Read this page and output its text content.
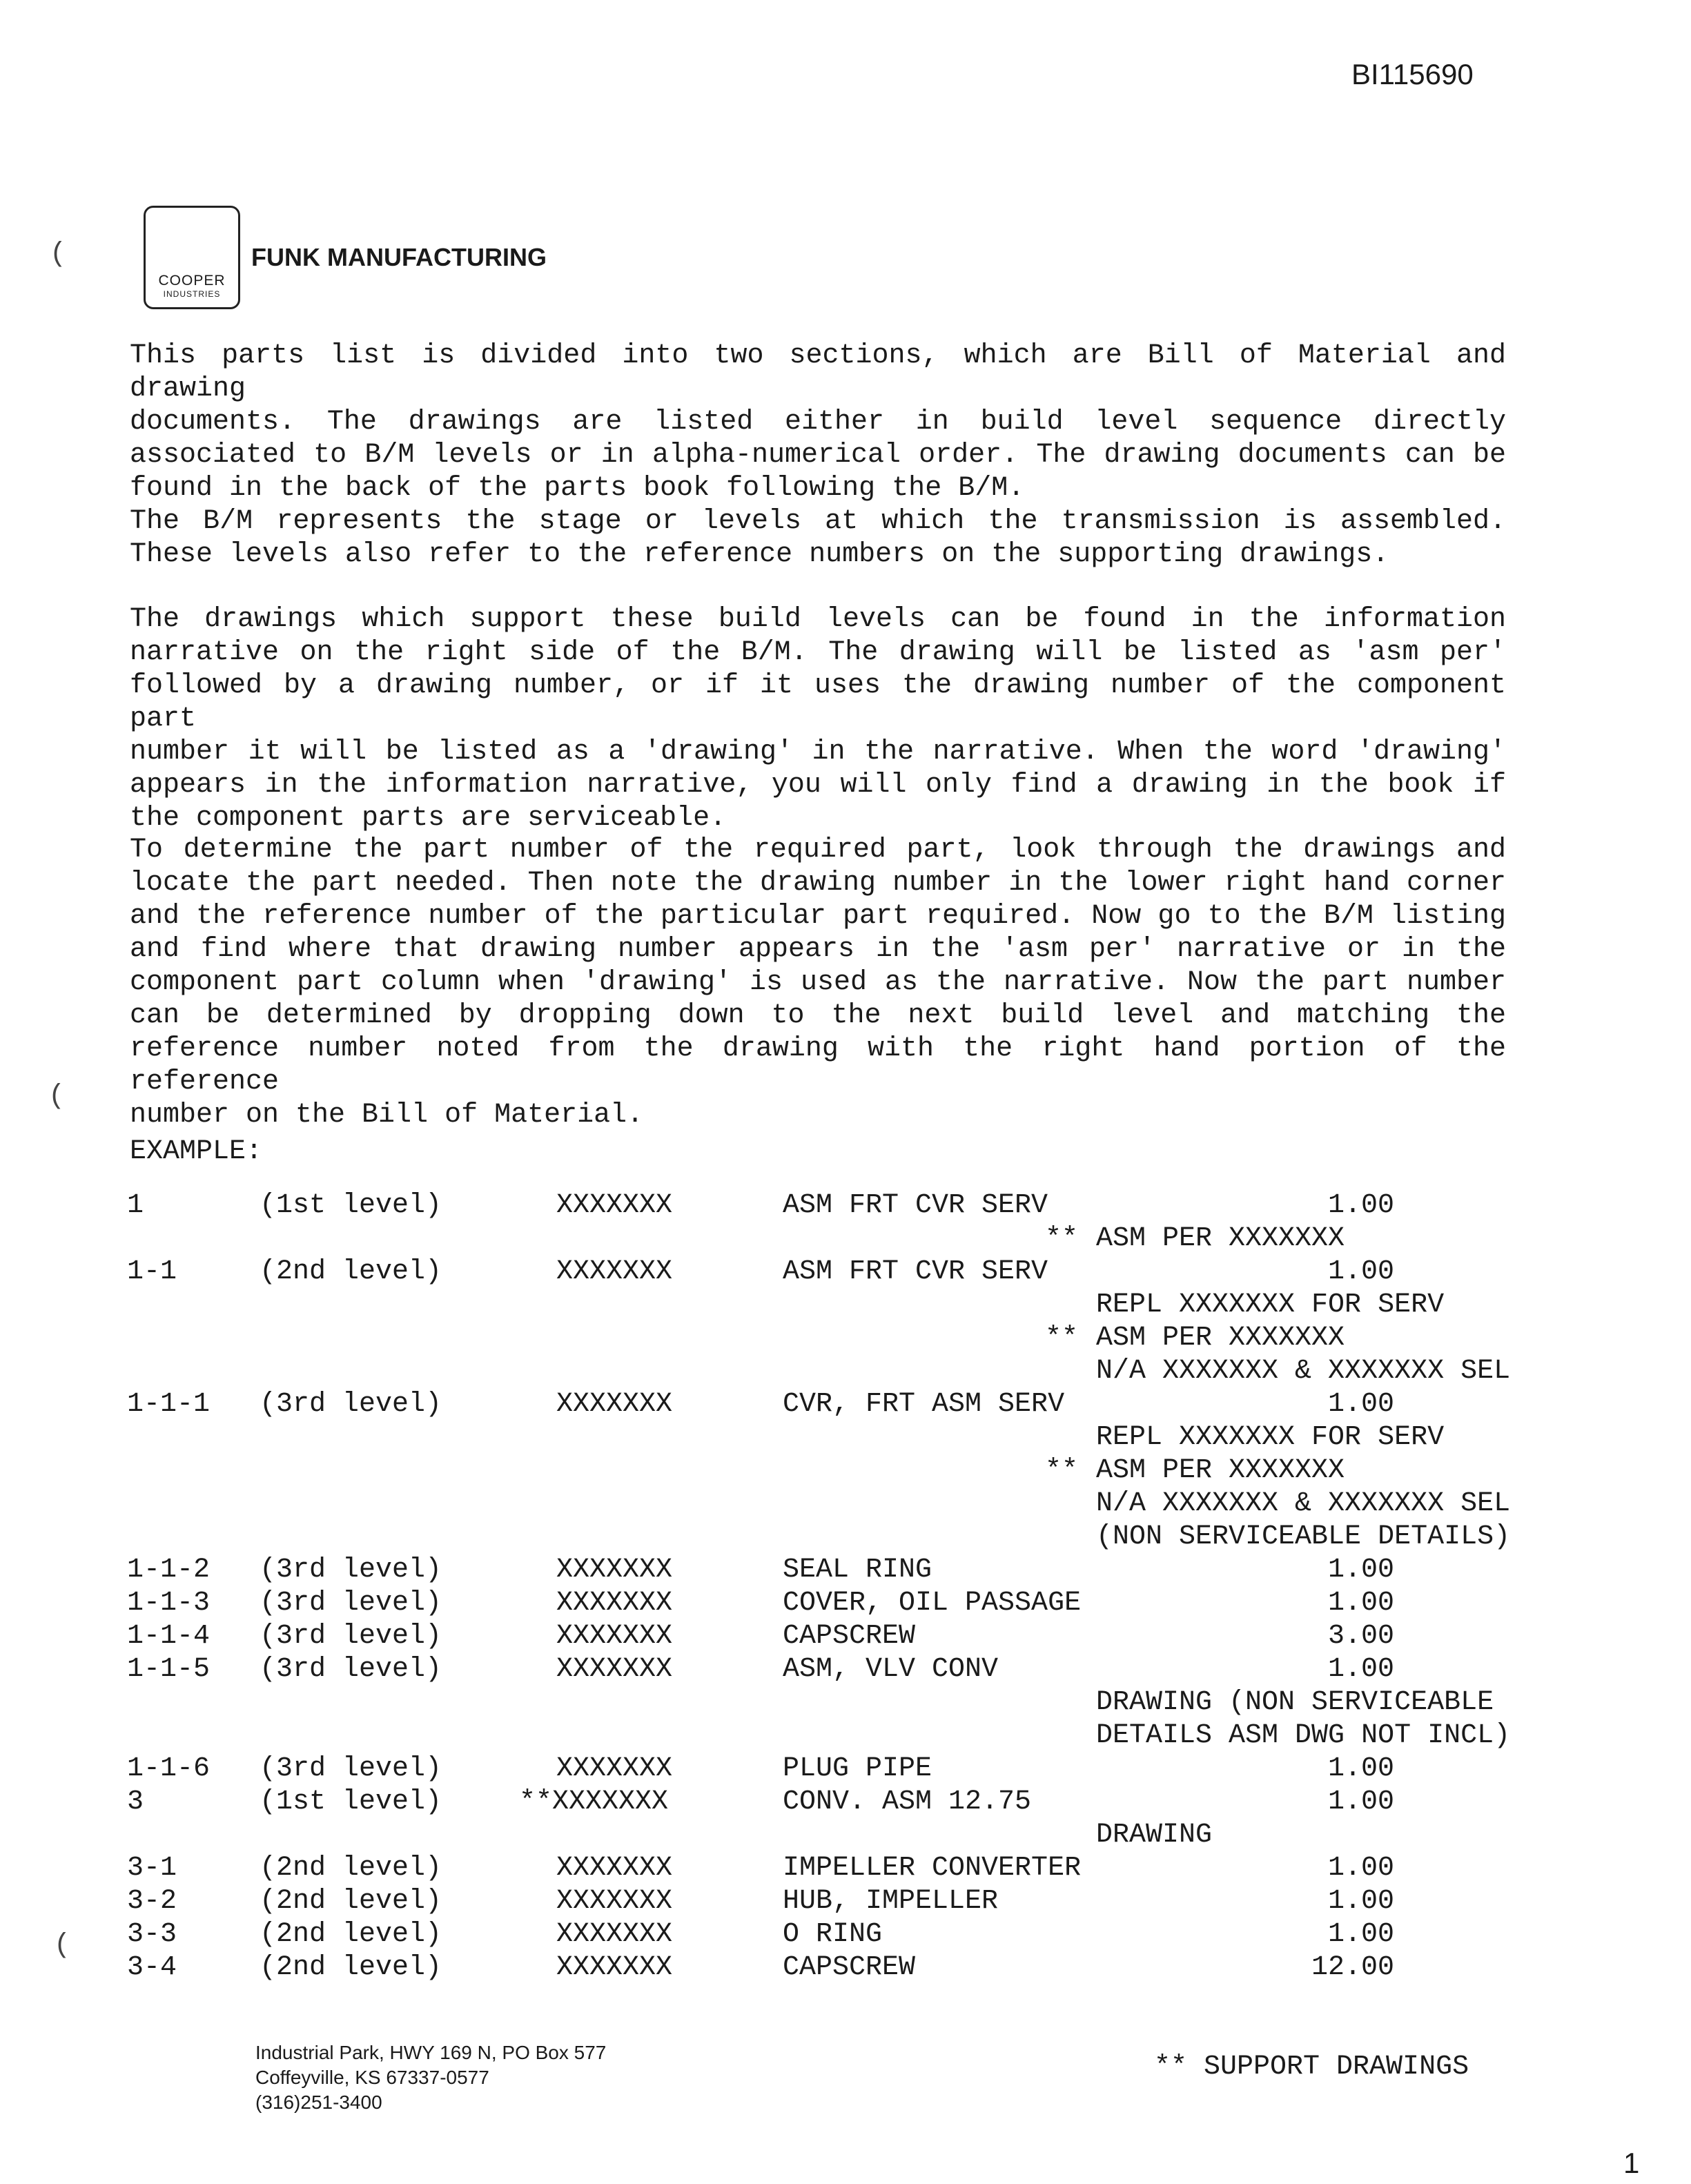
BI115690

COOPER

INDUSTRIES

FUNK MANUFACTURING
(
(
(
This parts list is divided into two sections, which are Bill of Material and drawing
documents. The drawings are listed either in build level sequence directly
associated to B/M levels or in alpha-numerical order. The drawing documents can be
found in the back of the parts book following the B/M.
The B/M represents the stage or levels at which the transmission is assembled.
These levels also refer to the reference numbers on the supporting drawings.
The drawings which support these build levels can be found in the information
narrative on the right side of the B/M. The drawing will be listed as 'asm per'
followed by a drawing number, or if it uses the drawing number of the component part
number it will be listed as a 'drawing' in the narrative. When the word 'drawing'
appears in the information narrative, you will only find a drawing in the book if
the component parts are serviceable.
To determine the part number of the required part, look through the drawings and
locate the part needed. Then note the drawing number in the lower right hand corner
and the reference number of the particular part required. Now go to the B/M listing
and find where that drawing number appears in the 'asm per' narrative or in the
component part column when 'drawing' is used as the narrative. Now the part number
can be determined by dropping down to the next build level and matching the
reference number noted from the drawing with the right hand portion of the reference
number on the Bill of Material.
EXAMPLE:
1	(1st level)	XXXXXXX	ASM FRT CVR SERV	1.00
** ASM PER XXXXXXX
1-1	(2nd level)	XXXXXXX	ASM FRT CVR SERV	1.00
REPL XXXXXXX FOR SERV
** ASM PER XXXXXXX
N/A XXXXXXX & XXXXXXX SEL
1-1-1 (3rd level)	XXXXXXX	CVR, FRT ASM SERV	1.00
REPL XXXXXXX FOR SERV
** ASM PER XXXXXXX
N/A XXXXXXX & XXXXXXX SEL
(NON SERVICEABLE DETAILS)
1-1-2 (3rd level)	XXXXXXX	SEAL RING	1.00
1-1-3 (3rd level)	XXXXXXX	COVER, OIL PASSAGE	1.00
1-1-4 (3rd level)	XXXXXXX	CAPSCREW	3.00
1-1-5 (3rd level)	XXXXXXX	ASM, VLV CONV	1.00
DRAWING (NON SERVICEABLE
DETAILS ASM DWG NOT INCL)
1-1-6 (3rd level)	XXXXXXX	PLUG PIPE	1.00
3	(1st level)	**XXXXXXX	CONV. ASM 12.75	1.00
DRAWING
3-1	(2nd level)	XXXXXXX	IMPELLER CONVERTER	1.00
3-2	(2nd level)	XXXXXXX	HUB, IMPELLER	1.00
3-3	(2nd level)	XXXXXXX	O RING	1.00
3-4	(2nd level)	XXXXXXX	CAPSCREW	12.00
Industrial Park, HWY 169 N, PO Box 577
Coffeyville, KS 67337-0577
(316)251-3400
** SUPPORT DRAWINGS
1
